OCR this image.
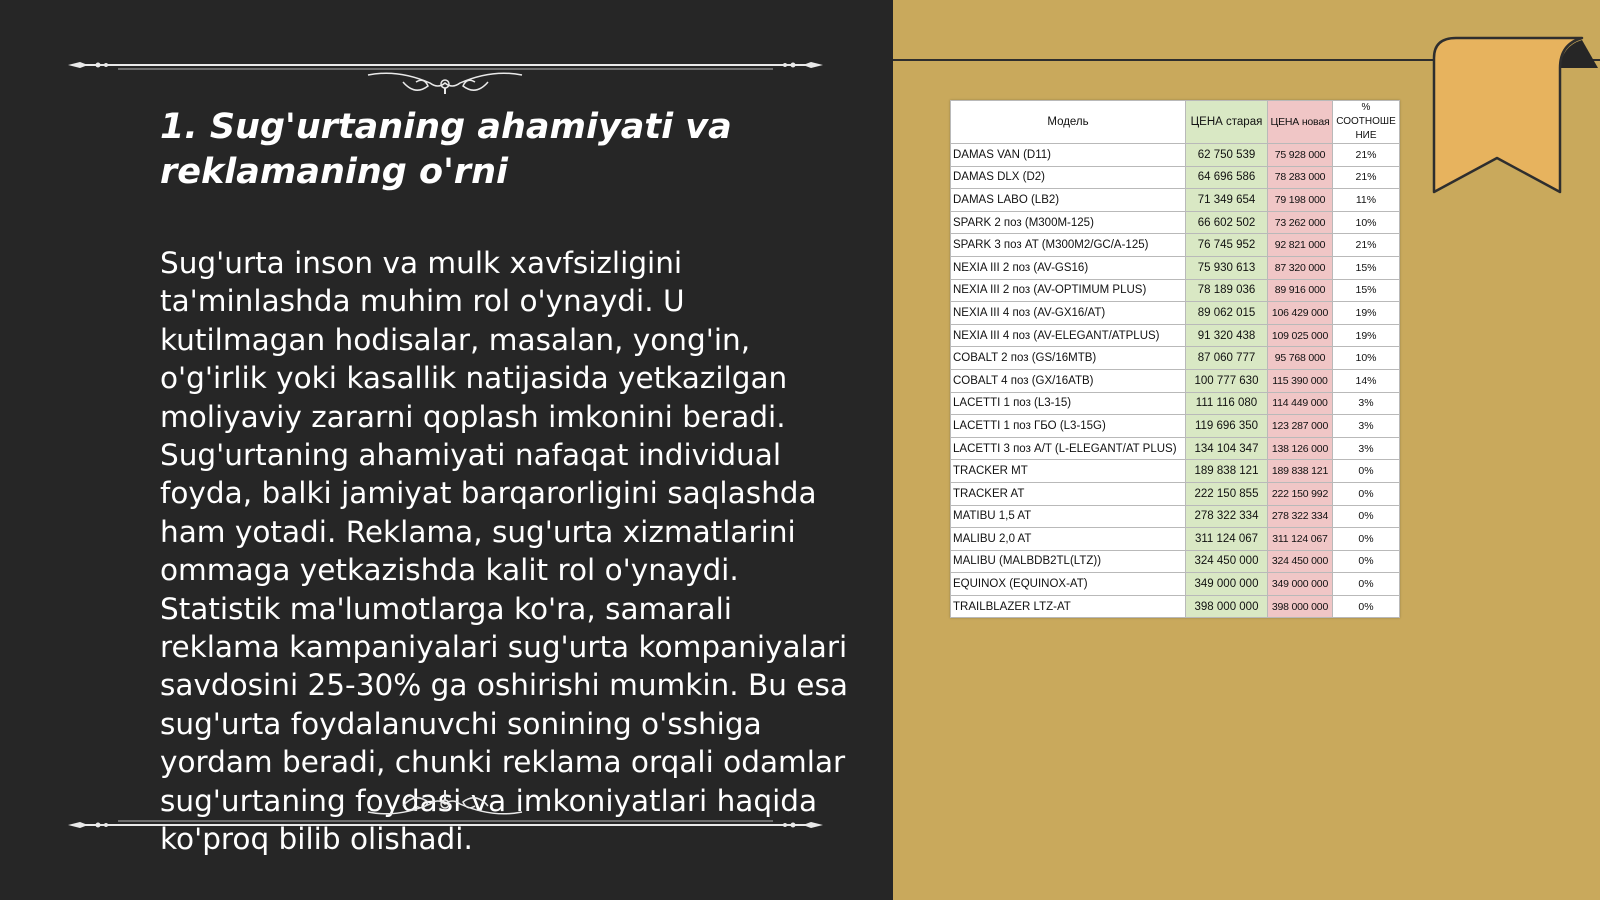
1. Sug'urtaning ahamiyati va
reklamaning o'rni

Sug'urta inson va mulk xavfsizligini ta'minlashda muhim rol o'ynaydi. U kutilmagan hodisalar, masalan, yong'in, o'g'irlik yoki kasallik natijasida yetkazilgan moliyaviy zararni qoplash imkonini beradi. Sug'urtaning ahamiyati nafaqat individual foyda, balki jamiyat barqarorligini saqlashda ham yotadi. Reklama, sug'urta xizmatlarini ommaga yetkazishda kalit rol o'ynaydi. Statistik ma'lumotlarga ko'ra, samarali reklama kampaniyalari sug'urta kompaniyalari savdosini 25-30% ga oshirishi mumkin. Bu esa sug'urta foydalanuvchi sonining o'sshiga yordam beradi, chunki reklama orqali odamlar sug'urtaning foydasi va imkoniyatlari haqida ko'proq bilib olishadi.

Модель	ЦЕНА старая	ЦЕНА новая	%
СООТНОШЕ
НИЕ
DAMAS VAN (D11)	62 750 539	75 928 000	21%
DAMAS DLX (D2)	64 696 586	78 283 000	21%
DAMAS LABO (LB2)	71 349 654	79 198 000	11%
SPARK 2 поз (M300M-125)	66 602 502	73 262 000	10%
SPARK 3 поз AT (M300M2/GC/A-125)	76 745 952	92 821 000	21%
NEXIA III 2 поз (AV-GS16)	75 930 613	87 320 000	15%
NEXIA III 2 поз (AV-OPTIMUM PLUS)	78 189 036	89 916 000	15%
NEXIA III 4 поз (AV-GX16/AT)	89 062 015	106 429 000	19%
NEXIA III 4 поз (AV-ELEGANT/ATPLUS)	91 320 438	109 025 000	19%
COBALT 2 поз (GS/16MTB)	87 060 777	95 768 000	10%
COBALT 4 поз (GX/16ATB)	100 777 630	115 390 000	14%
LACETTI 1 поз (L3-15)	111 116 080	114 449 000	3%
LACETTI 1 поз ГБО (L3-15G)	119 696 350	123 287 000	3%
LACETTI 3 поз A/T (L-ELEGANT/AT PLUS)	134 104 347	138 126 000	3%
TRACKER MT	189 838 121	189 838 121	0%
TRACKER AT	222 150 855	222 150 992	0%
MATIBU 1,5 AT	278 322 334	278 322 334	0%
MALIBU 2,0 AT	311 124 067	311 124 067	0%
MALIBU (MALBDB2TL(LTZ))	324 450 000	324 450 000	0%
EQUINOX (EQUINOX-AT)	349 000 000	349 000 000	0%
TRAILBLAZER LTZ-AT	398 000 000	398 000 000	0%
